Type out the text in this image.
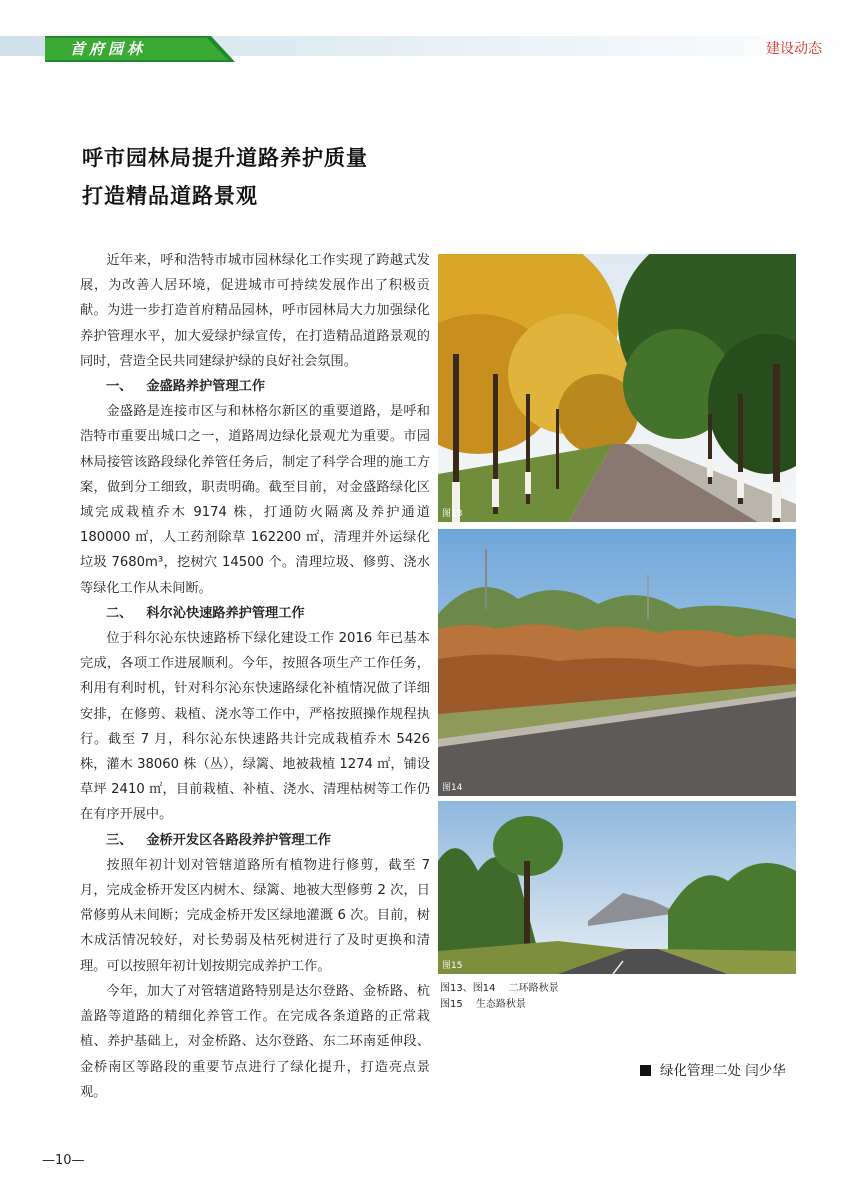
首府园林	建设动态
呼市园林局提升道路养护质量
打造精品道路景观

近年来，呼和浩特市城市园林绿化工作实现了跨越式发展，为改善人居环境，促进城市可持续发展作出了积极贡献。为进一步打造首府精品园林，呼市园林局大力加强绿化养护管理水平，加大爱绿护绿宣传，在打造精品道路景观的同时，营造全民共同建绿护绿的良好社会氛围。

一、 金盛路养护管理工作

金盛路是连接市区与和林格尔新区的重要道路，是呼和浩特市重要出城口之一，道路周边绿化景观尤为重要。市园林局接管该路段绿化养管任务后，制定了科学合理的施工方案，做到分工细致，职责明确。截至目前，对金盛路绿化区域完成栽植乔木 9174 株，打通防火隔离及养护通道 180000 ㎡，人工药剂除草 162200 ㎡，清理并外运绿化垃圾 7680m³，挖树穴 14500 个。清理垃圾、修剪、浇水等绿化工作从未间断。

二、 科尔沁快速路养护管理工作

位于科尔沁东快速路桥下绿化建设工作 2016 年已基本完成，各项工作进展顺利。今年，按照各项生产工作任务，利用有利时机，针对科尔沁东快速路绿化补植情况做了详细安排，在修剪、栽植、浇水等工作中，严格按照操作规程执行。截至 7 月，科尔沁东快速路共计完成栽植乔木 5426 株，灌木 38060 株（丛），绿篱、地被栽植 1274 ㎡，铺设草坪 2410 ㎡，目前栽植、补植、浇水、清理枯树等工作仍在有序开展中。

三、 金桥开发区各路段养护管理工作

按照年初计划对管辖道路所有植物进行修剪，截至 7 月，完成金桥开发区内树木、绿篱、地被大型修剪 2 次，日常修剪从未间断；完成金桥开发区绿地灌溉 6 次。目前，树木成活情况较好，对长势弱及枯死树进行了及时更换和清理。可以按照年初计划按期完成养护工作。

今年，加大了对管辖道路特别是达尔登路、金桥路、杭盖路等道路的精细化养管工作。在完成各条道路的正常栽植、养护基础上，对金桥路、达尔登路、东二环南延伸段、金桥南区等路段的重要节点进行了绿化提升，打造亮点景观。

图13
图14
图15
图13、图14　 二环路秋景
图15　 生态路秋景
绿化管理二处 闫少华
—10—
